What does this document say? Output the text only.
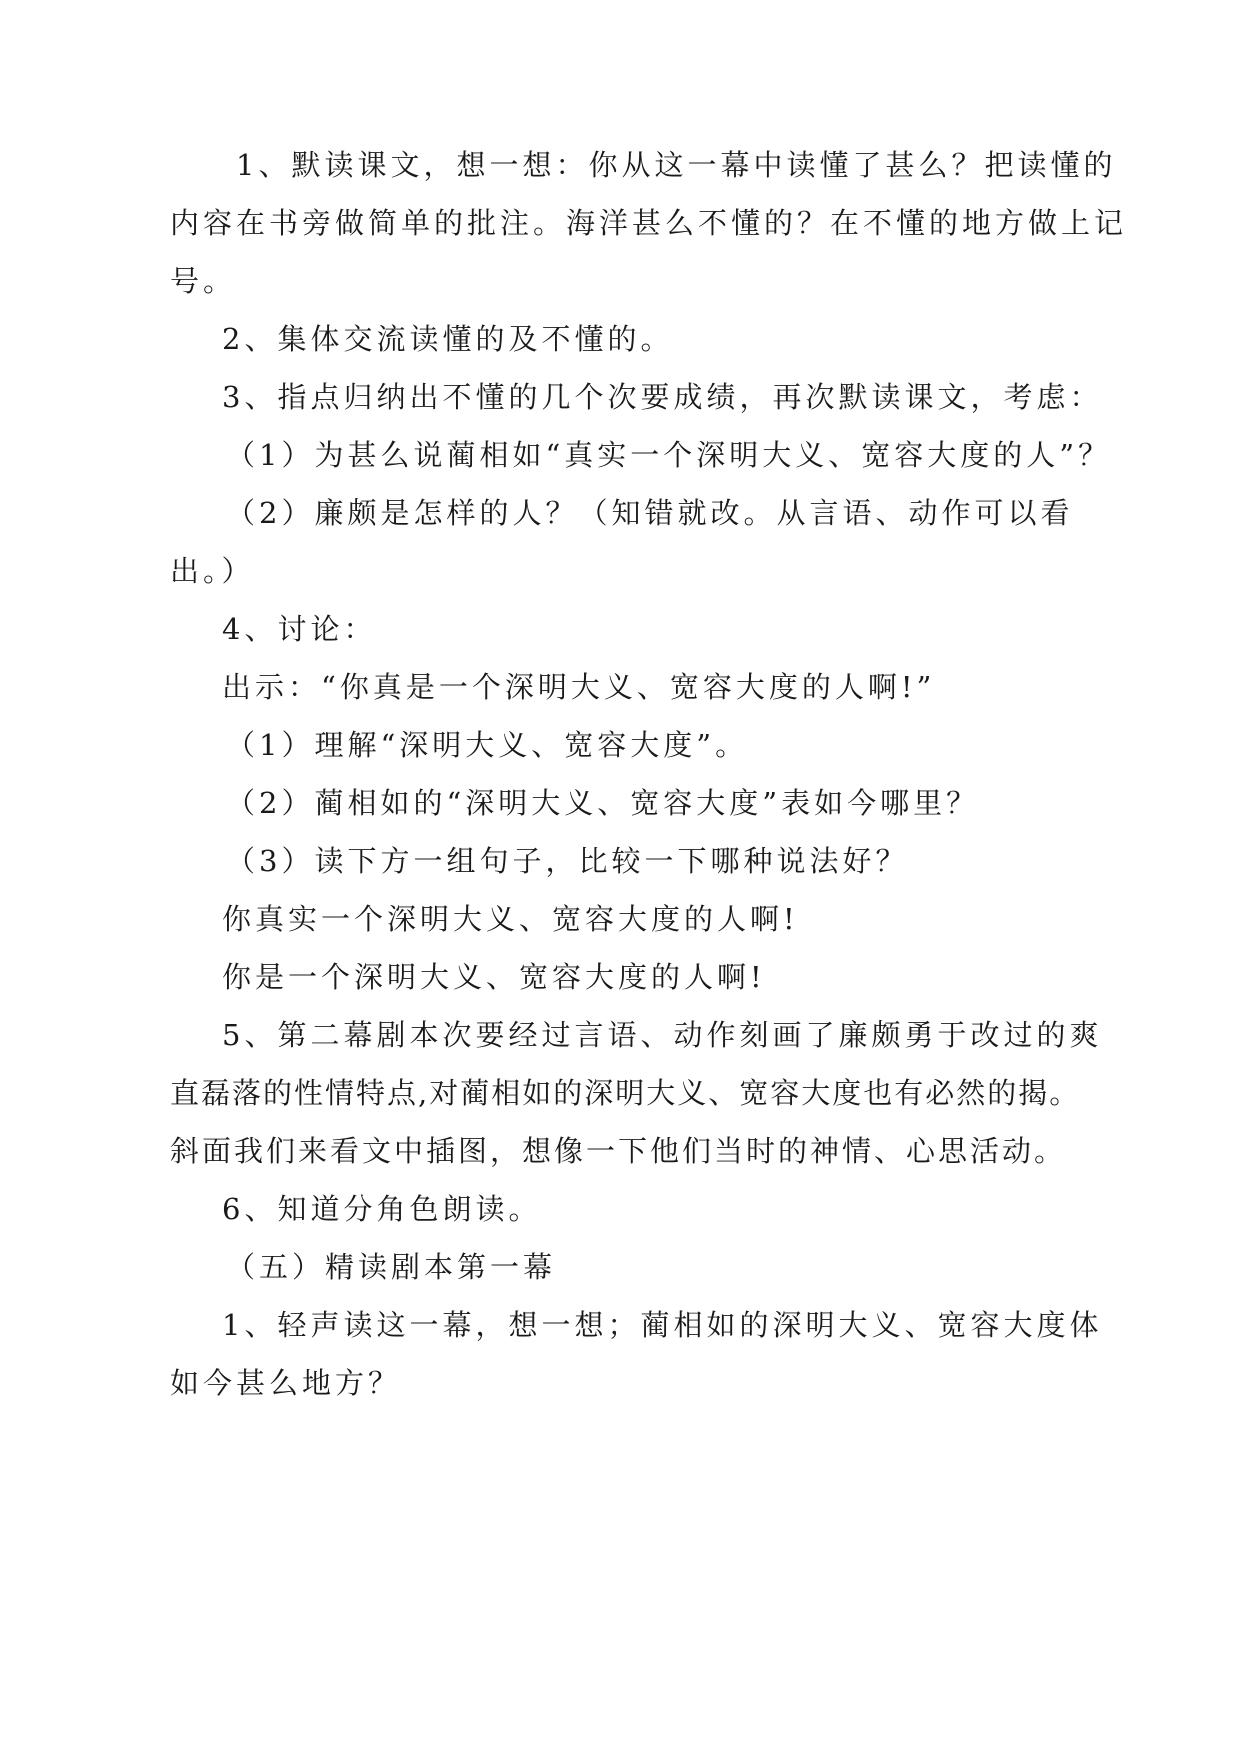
1、默读课文，想一想：你从这一幕中读懂了甚么？把读懂的
内容在书旁做简单的批注。海洋甚么不懂的？在不懂的地方做上记
号。
2、集体交流读懂的及不懂的。
3、指点归纳出不懂的几个次要成绩，再次默读课文，考虑：
（1）为甚么说蔺相如“真实一个深明大义、宽容大度的人”？
（2）廉颇是怎样的人？（知错就改。从言语、动作可以看
出。）
4、讨论：
出示：“你真是一个深明大义、宽容大度的人啊!”
（1）理解“深明大义、宽容大度”。
（2）蔺相如的“深明大义、宽容大度”表如今哪里？
（3）读下方一组句子，比较一下哪种说法好？
你真实一个深明大义、宽容大度的人啊!
你是一个深明大义、宽容大度的人啊!
5、第二幕剧本次要经过言语、动作刻画了廉颇勇于改过的爽
直磊落的性情特点,对蔺相如的深明大义、宽容大度也有必然的揭。
斜面我们来看文中插图，想像一下他们当时的神情、心思活动。
6、知道分角色朗读。
（五）精读剧本第一幕
1、轻声读这一幕，想一想；蔺相如的深明大义、宽容大度体
如今甚么地方？
